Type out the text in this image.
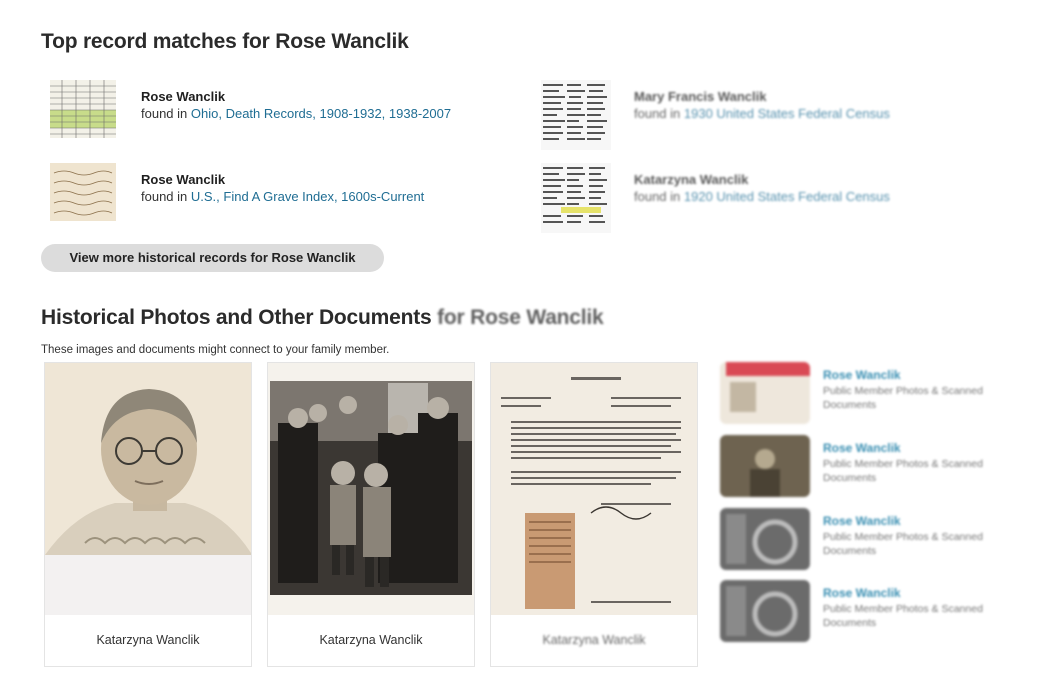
Top record matches for Rose Wanclik
Rose Wanclik
found in Ohio, Death Records, 1908-1932, 1938-2007
Rose Wanclik
found in U.S., Find A Grave Index, 1600s-Current
Mary Francis Wanclik
found in 1930 United States Federal Census
Katarzyna Wanclik
found in 1920 United States Federal Census
View more historical records for Rose Wanclik
Historical Photos and Other Documents for Rose Wanclik
These images and documents might connect to your family member.
Katarzyna Wanclik	Katarzyna Wanclik	Katarzyna Wanclik
Rose Wanclik
Public Member Photos & Scanned Documents
Rose Wanclik
Public Member Photos & Scanned Documents
Rose Wanclik
Public Member Photos & Scanned Documents
Rose Wanclik
Public Member Photos & Scanned Documents
